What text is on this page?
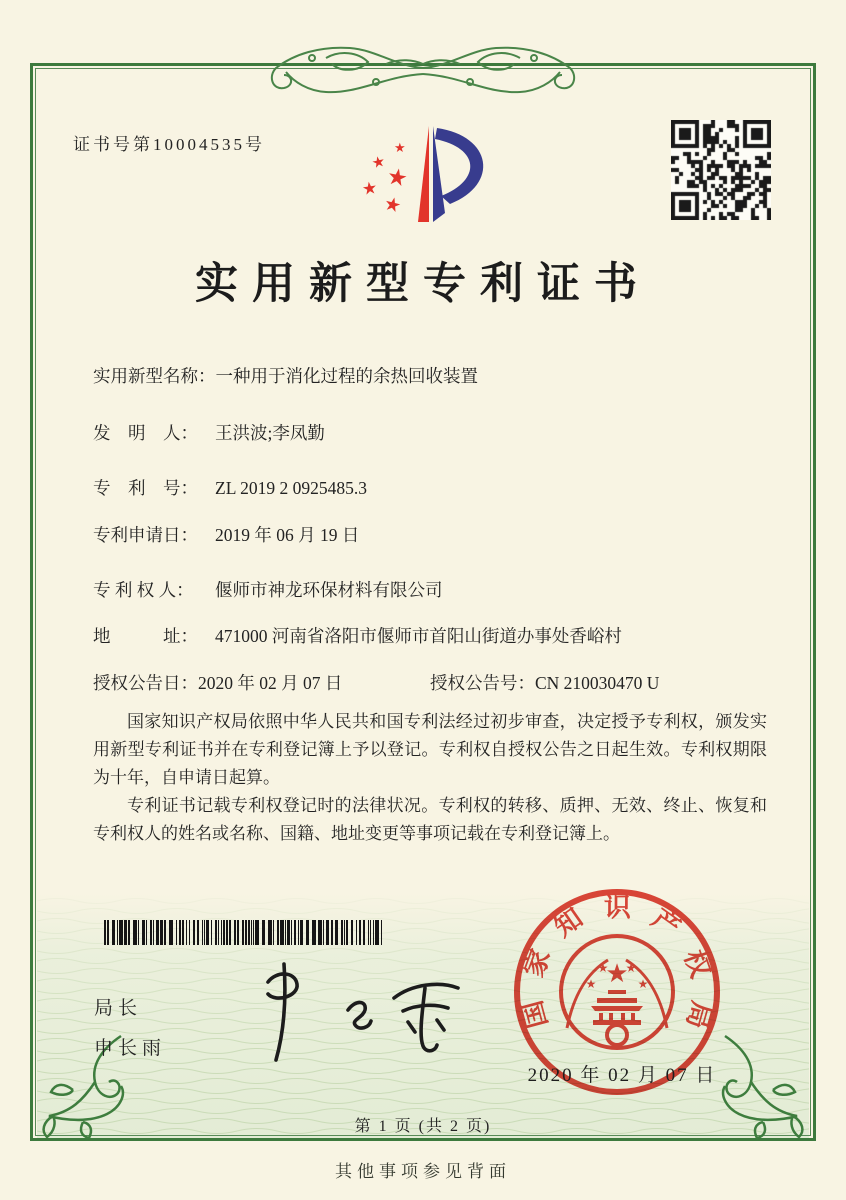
证书号第10004535号	★
★
★
★
★
实用新型专利证书
实用新型名称：一种用于消化过程的余热回收装置
发　明　人： 王洪波;李凤勤
专　利　号： ZL 2019 2 0925485.3
专利申请日： 2019 年 06 月 19 日
专 利 权 人： 偃师市神龙环保材料有限公司
地　　　址： 471000 河南省洛阳市偃师市首阳山街道办事处香峪村
授权公告日：2020 年 02 月 07 日	授权公告号：CN 210030470 U

国家知识产权局依照中华人民共和国专利法经过初步审查，决定授予专利权，颁发实用新型专利证书并在专利登记簿上予以登记。专利权自授权公告之日起生效。专利权期限为十年，自申请日起算。

专利证书记载专利权登记时的法律状况。专利权的转移、质押、无效、终止、恢复和专利权人的姓名或名称、国籍、地址变更等事项记载在专利登记簿上。

局长
申长雨
国家知识产权局
★
★
★ ★
★
2020 年 02 月 07 日
第 1 页 (共 2 页)
其他事项参见背面
